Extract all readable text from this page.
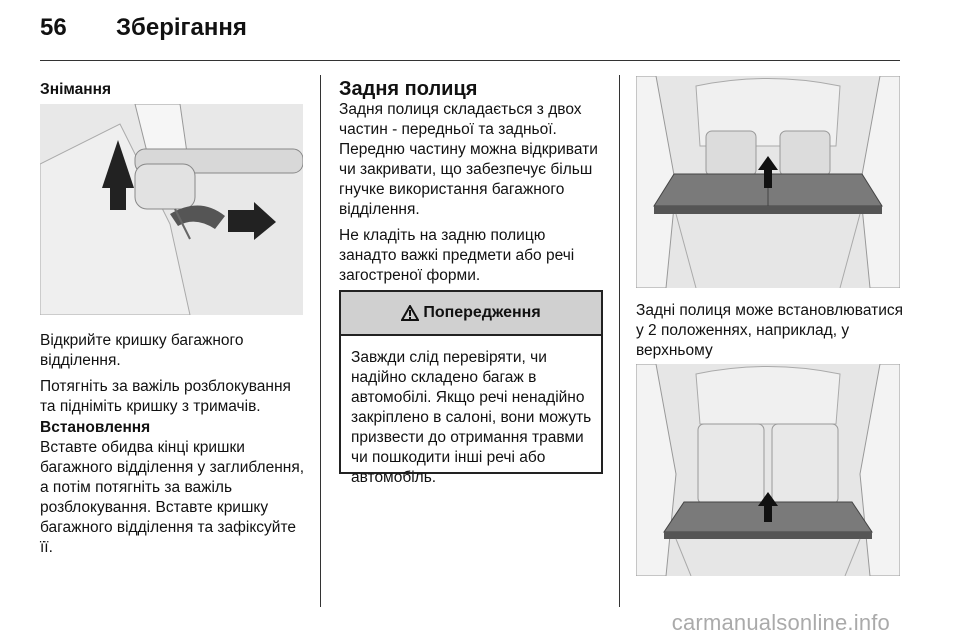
56 Зберігання
Знімання

Відкрийте кришку багажного відділення.

Потягніть за важіль розблокування та підніміть кришку з тримачів.

Встановлення
Вставте обидва кінці кришки багажного відділення у заглиблення, а потім потягніть за важіль розблокування. Вставте кришку багажного відділення та зафіксуйте її.
Задня полиця

Задня полиця складається з двох частин - передньої та задньої. Передню частину можна відкривати чи закривати, що забезпечує більш гнучке використання багажного відділення.

Не кладіть на задню полицю занадто важкі предмети або речі загостреної форми.

Попередження
Завжди слід перевіряти, чи надійно складено багаж в автомобілі. Якщо речі ненадійно закріплено в салоні, вони можуть призвести до отримання травми чи пошкодити інші речі або автомобіль.
Задні полиця може встановлюватися у 2 положеннях, наприклад, у верхньому
carmanualsonline.info
